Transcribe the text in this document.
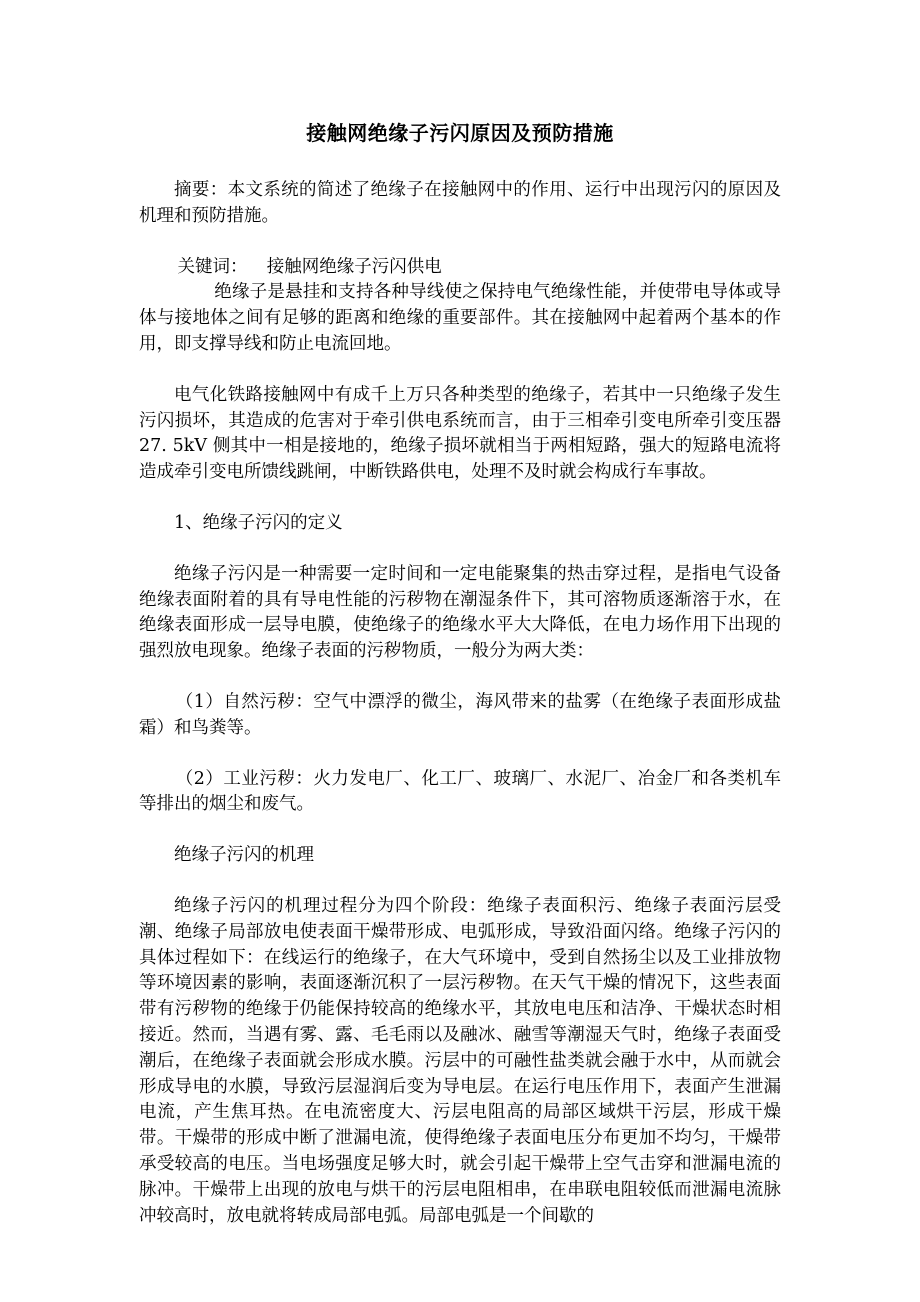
接触网绝缘子污闪原因及预防措施

摘要：本文系统的简述了绝缘子在接触网中的作用、运行中出现污闪的原因及机理和预防措施。

关键词： 接触网绝缘子污闪供电

绝缘子是悬挂和支持各种导线使之保持电气绝缘性能，并使带电导体或导体与接地体之间有足够的距离和绝缘的重要部件。其在接触网中起着两个基本的作用，即支撑导线和防止电流回地。

电气化铁路接触网中有成千上万只各种类型的绝缘子，若其中一只绝缘子发生污闪损坏，其造成的危害对于牵引供电系统而言，由于三相牵引变电所牵引变压器 27. 5kV 侧其中一相是接地的，绝缘子损坏就相当于两相短路，强大的短路电流将造成牵引变电所馈线跳闸，中断铁路供电，处理不及时就会构成行车事故。

1、绝缘子污闪的定义

绝缘子污闪是一种需要一定时间和一定电能聚集的热击穿过程，是指电气设备绝缘表面附着的具有导电性能的污秽物在潮湿条件下，其可溶物质逐渐溶于水，在绝缘表面形成一层导电膜，使绝缘子的绝缘水平大大降低，在电力场作用下出现的强烈放电现象。绝缘子表面的污秽物质，一般分为两大类：

（1）自然污秽：空气中漂浮的微尘，海风带来的盐雾（在绝缘子表面形成盐霜）和鸟粪等。

（2）工业污秽：火力发电厂、化工厂、玻璃厂、水泥厂、冶金厂和各类机车等排出的烟尘和废气。

绝缘子污闪的机理

绝缘子污闪的机理过程分为四个阶段：绝缘子表面积污、绝缘子表面污层受潮、绝缘子局部放电使表面干燥带形成、电弧形成，导致沿面闪络。绝缘子污闪的具体过程如下：在线运行的绝缘子，在大气环境中，受到自然扬尘以及工业排放物等环境因素的影响，表面逐渐沉积了一层污秽物。在天气干燥的情况下，这些表面带有污秽物的绝缘于仍能保持较高的绝缘水平，其放电电压和洁净、干燥状态时相接近。然而，当遇有雾、露、毛毛雨以及融冰、融雪等潮湿天气时，绝缘子表面受潮后，在绝缘子表面就会形成水膜。污层中的可融性盐类就会融于水中，从而就会形成导电的水膜，导致污层湿润后变为导电层。在运行电压作用下，表面产生泄漏电流，产生焦耳热。在电流密度大、污层电阻高的局部区域烘干污层，形成干燥带。干燥带的形成中断了泄漏电流，使得绝缘子表面电压分布更加不均匀，干燥带承受较高的电压。当电场强度足够大时，就会引起干燥带上空气击穿和泄漏电流的脉冲。干燥带上出现的放电与烘干的污层电阻相串，在串联电阻较低而泄漏电流脉冲较高时，放电就将转成局部电弧。局部电弧是一个间歇的
